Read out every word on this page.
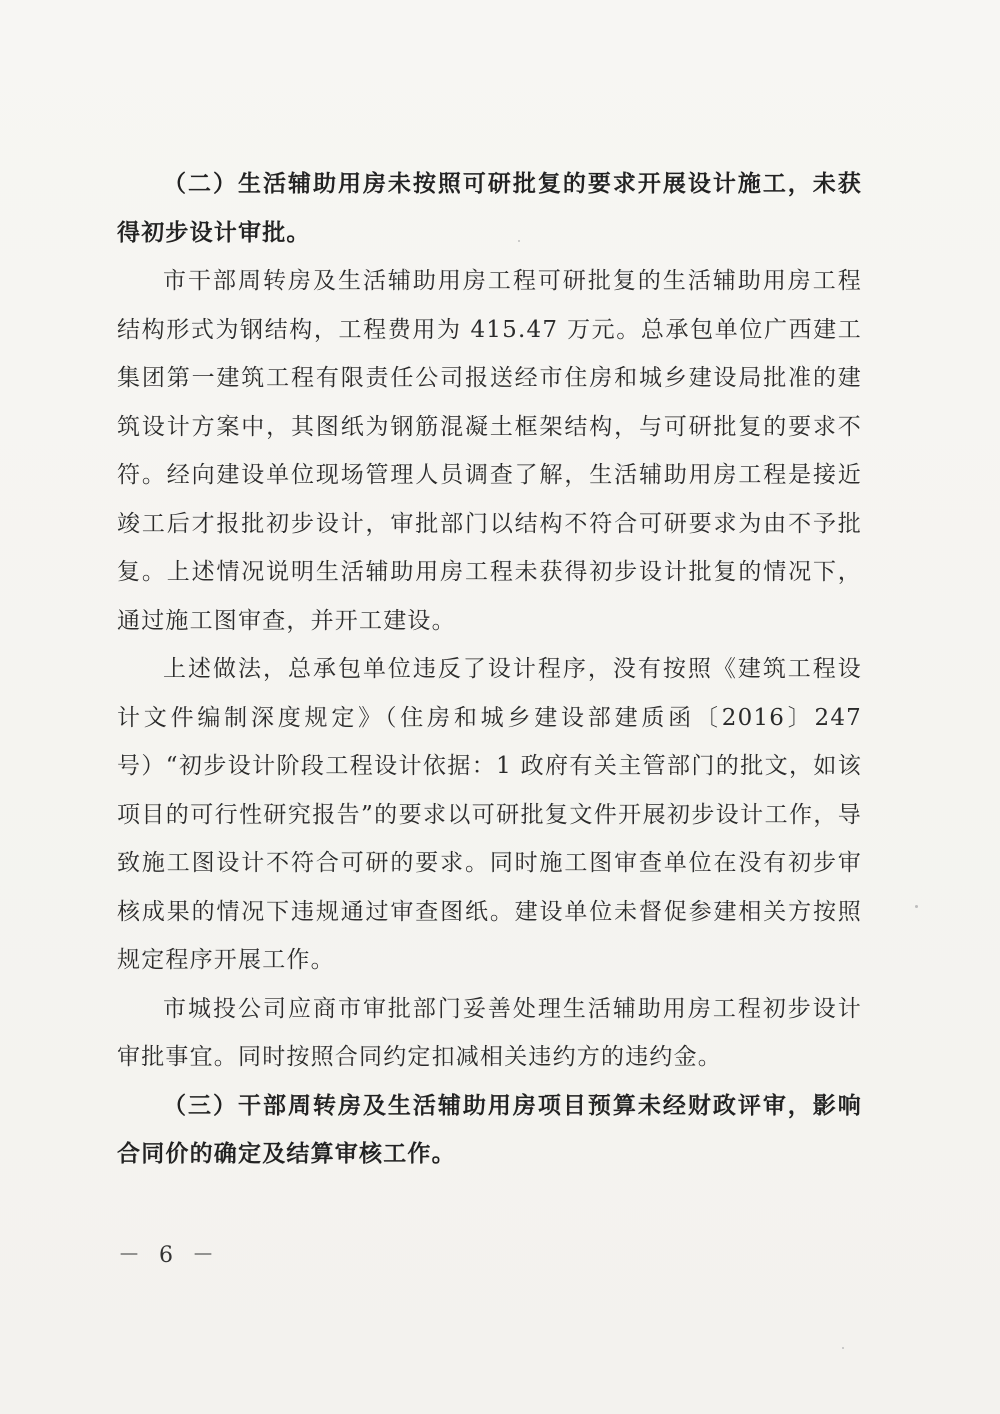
（二）生活辅助用房未按照可研批复的要求开展设计施工，未获得初步设计审批。

市干部周转房及生活辅助用房工程可研批复的生活辅助用房工程结构形式为钢结构，工程费用为 415.47 万元。总承包单位广西建工集团第一建筑工程有限责任公司报送经市住房和城乡建设局批准的建筑设计方案中，其图纸为钢筋混凝土框架结构，与可研批复的要求不符。经向建设单位现场管理人员调查了解，生活辅助用房工程是接近竣工后才报批初步设计，审批部门以结构不符合可研要求为由不予批复。上述情况说明生活辅助用房工程未获得初步设计批复的情况下，通过施工图审查，并开工建设。

上述做法，总承包单位违反了设计程序，没有按照《建筑工程设计文件编制深度规定》（住房和城乡建设部建质函〔2016〕247 号）“初步设计阶段工程设计依据：1 政府有关主管部门的批文，如该项目的可行性研究报告”的要求以可研批复文件开展初步设计工作，导致施工图设计不符合可研的要求。同时施工图审查单位在没有初步审核成果的情况下违规通过审查图纸。建设单位未督促参建相关方按照规定程序开展工作。

市城投公司应商市审批部门妥善处理生活辅助用房工程初步设计审批事宜。同时按照合同约定扣减相关违约方的违约金。

（三）干部周转房及生活辅助用房项目预算未经财政评审，影响合同价的确定及结算审核工作。

－ 6 －
